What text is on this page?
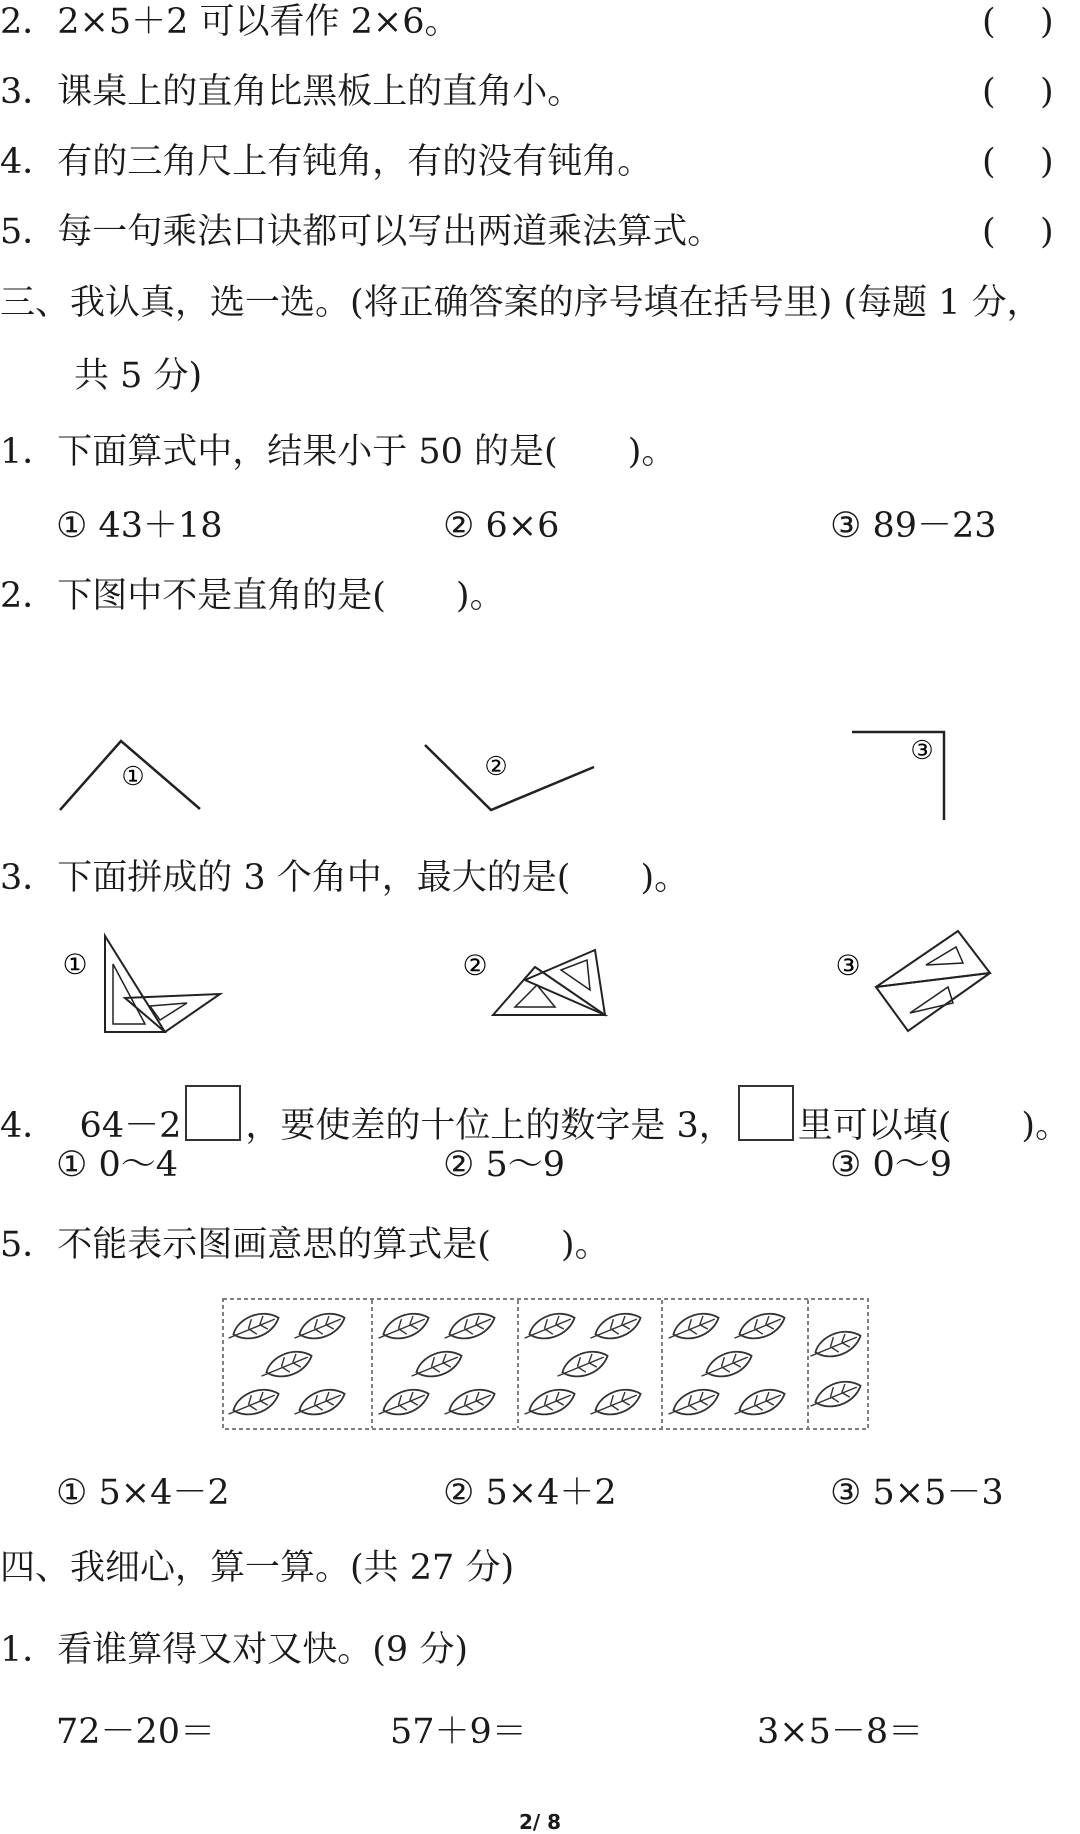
2．2×5＋2 可以看作 2×6。	( )
3．课桌上的直角比黑板上的直角小。	( )
4．有的三角尺上有钝角，有的没有钝角。	( )
5．每一句乘法口诀都可以写出两道乘法算式。	( )
三、我认真，选一选。(将正确答案的序号填在括号里) (每题 1 分，
共 5 分)
1．下面算式中，结果小于 50 的是(　　)。
① 43＋18	② 6×6	③ 89－23
2．下图中不是直角的是(　　)。
①	②
③
3．下面拼成的 3 个角中，最大的是(　　)。
①	②	③
4． 64－2 ，要使差的十位上的数字是 3， 里可以填(　　)。
① 0～4	② 5～9	③ 0～9
5．不能表示图画意思的算式是(　　)。
① 5×4－2	② 5×4＋2	③ 5×5－3
四、我细心，算一算。(共 27 分)
1．看谁算得又对又快。(9 分)
72－20＝	57＋9＝	3×5－8＝
2/ 8
